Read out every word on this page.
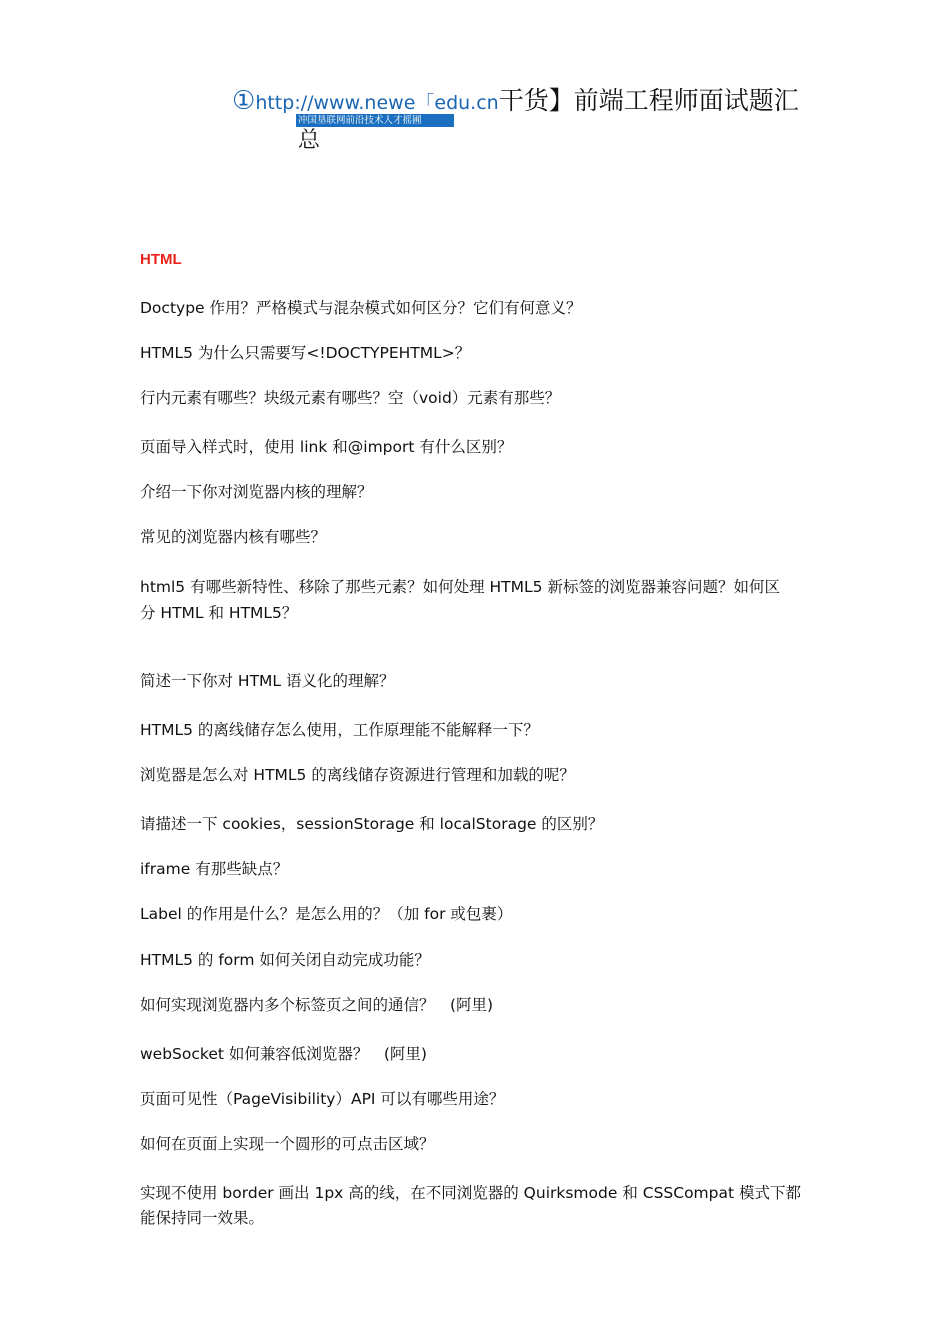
①http://www.newe「edu.cn干货】前端工程师面试题汇
冲国垦联网前沿技术人才摇圃
总
HTML
Doctype 作用？严格模式与混杂模式如何区分？它们有何意义？
HTML5 为什么只需要写<!DOCTYPEHTML>？
行内元素有哪些？块级元素有哪些？空（void）元素有那些？
页面导入样式时，使用 link 和@import 有什么区别？
介绍一下你对浏览器内核的理解？
常见的浏览器内核有哪些？
html5 有哪些新特性、移除了那些元素？如何处理 HTML5 新标签的浏览器兼容问题？如何区
分 HTML 和 HTML5？
简述一下你对 HTML 语义化的理解？
HTML5 的离线储存怎么使用，工作原理能不能解释一下？
浏览器是怎么对 HTML5 的离线储存资源进行管理和加载的呢？
请描述一下 cookies，sessionStorage 和 localStorage 的区别？
iframe 有那些缺点？
Label 的作用是什么？是怎么用的？（加 for 或包裹）
HTML5 的 form 如何关闭自动完成功能？
如何实现浏览器内多个标签页之间的通信？　(阿里)
webSocket 如何兼容低浏览器？　(阿里)
页面可见性（PageVisibility）API 可以有哪些用途？
如何在页面上实现一个圆形的可点击区域？
实现不使用 border 画出 1px 高的线，在不同浏览器的 Quirksmode 和 CSSCompat 模式下都
能保持同一效果。
